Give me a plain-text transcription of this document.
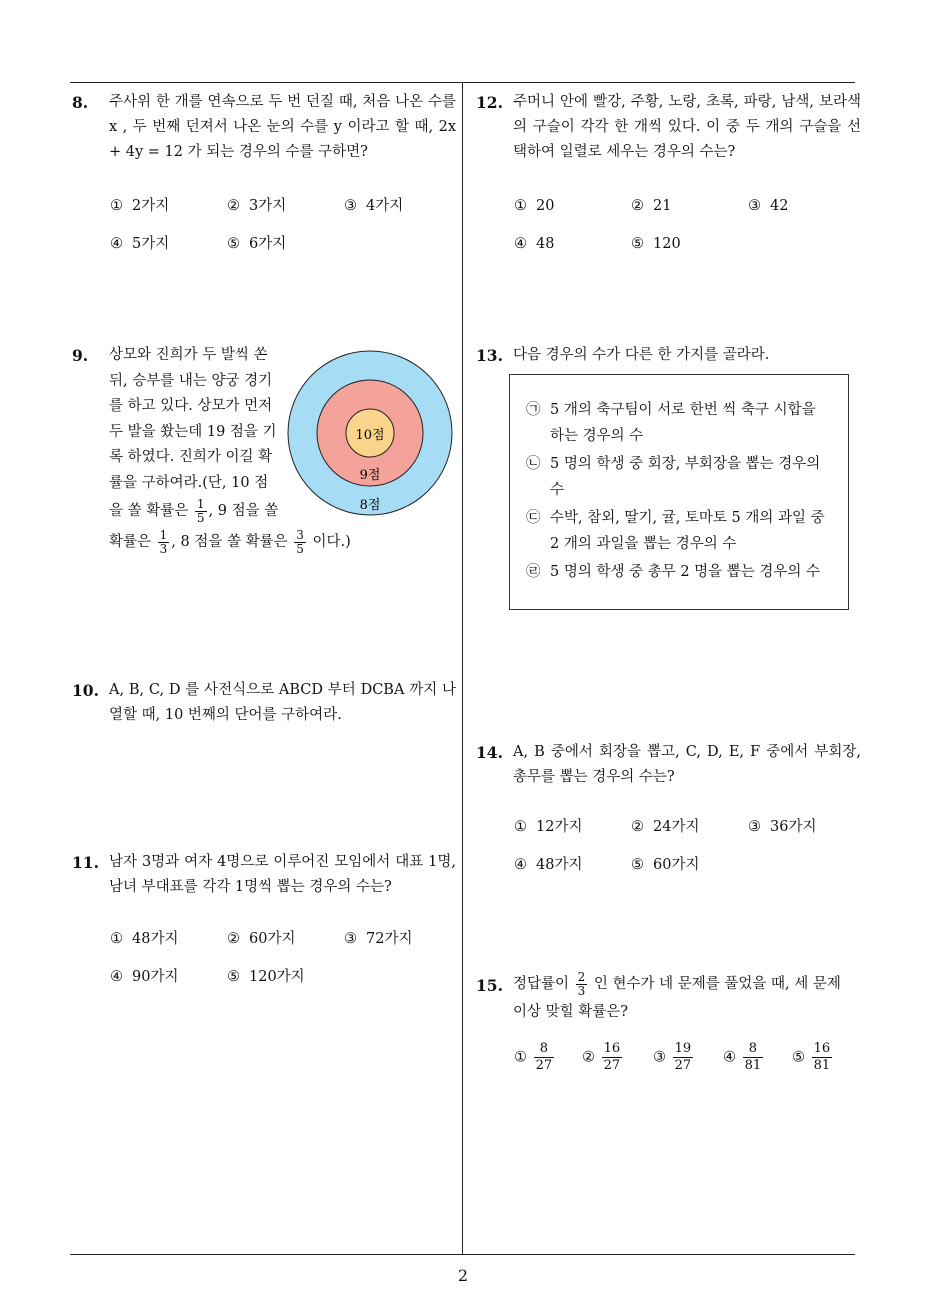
8. 주사위 한 개를 연속으로 두 번 던질 때, 처음 나온 수를 x , 두 번째 던져서 나온 눈의 수를 y 이라고 할 때, 2x + 4y = 12 가 되는 경우의 수를 구하면?
① 2가지	② 3가지	③ 4가지
④ 5가지	⑤ 6가지
9. 상모와 진희가 두 발씩 쏜
뒤, 승부를 내는 양궁 경기
를 하고 있다. 상모가 먼저
두 발을 쐈는데 19 점을 기
록 하였다. 진희가 이길 확
률을 구하여라.(단, 10 점
을 쏠 확률은 $\frac{1}{5}$ , 9 점을 쏠
확률은 $\frac{1}{3}$ , 8 점을 쏠 확률은 $\frac{3}{5}$ 이다.)
10점
9점
8점
10. A, B, C, D 를 사전식으로 ABCD 부터 DCBA 까지 나열할 때, 10 번째의 단어를 구하여라.
11. 남자 3명과 여자 4명으로 이루어진 모임에서 대표 1명, 남녀 부대표를 각각 1명씩 뽑는 경우의 수는?
① 48가지	② 60가지	③ 72가지
④ 90가지	⑤ 120가지
12. 주머니 안에 빨강, 주황, 노랑, 초록, 파랑, 남색, 보라색의 구슬이 각각 한 개씩 있다. 이 중 두 개의 구슬을 선택하여 일렬로 세우는 경우의 수는?
① 20	② 21	③ 42
④ 48	⑤ 120
13. 다음 경우의 수가 다른 한 가지를 골라라.
㉠ 5 개의 축구팀이 서로 한번 씩 축구 시합을 하는 경우의 수
㉡ 5 명의 학생 중 회장, 부회장을 뽑는 경우의 수
㉢ 수박, 참외, 딸기, 귤, 토마토 5 개의 과일 중 2 개의 과일을 뽑는 경우의 수
㉣ 5 명의 학생 중 총무 2 명을 뽑는 경우의 수
14. A, B 중에서 회장을 뽑고, C, D, E, F 중에서 부회장, 총무를 뽑는 경우의 수는?
① 12가지	② 24가지	③ 36가지
④ 48가지	⑤ 60가지
15. 정답률이 $\frac{2}{3}$ 인 현수가 네 문제를 풀었을 때, 세 문제
이상 맞힐 확률은?
① $\frac{8}{27}$ ② $\frac{16}{27}$ ③ $\frac{19}{27}$ ④ $\frac{8}{81}$ ⑤ $\frac{16}{81}$
2
